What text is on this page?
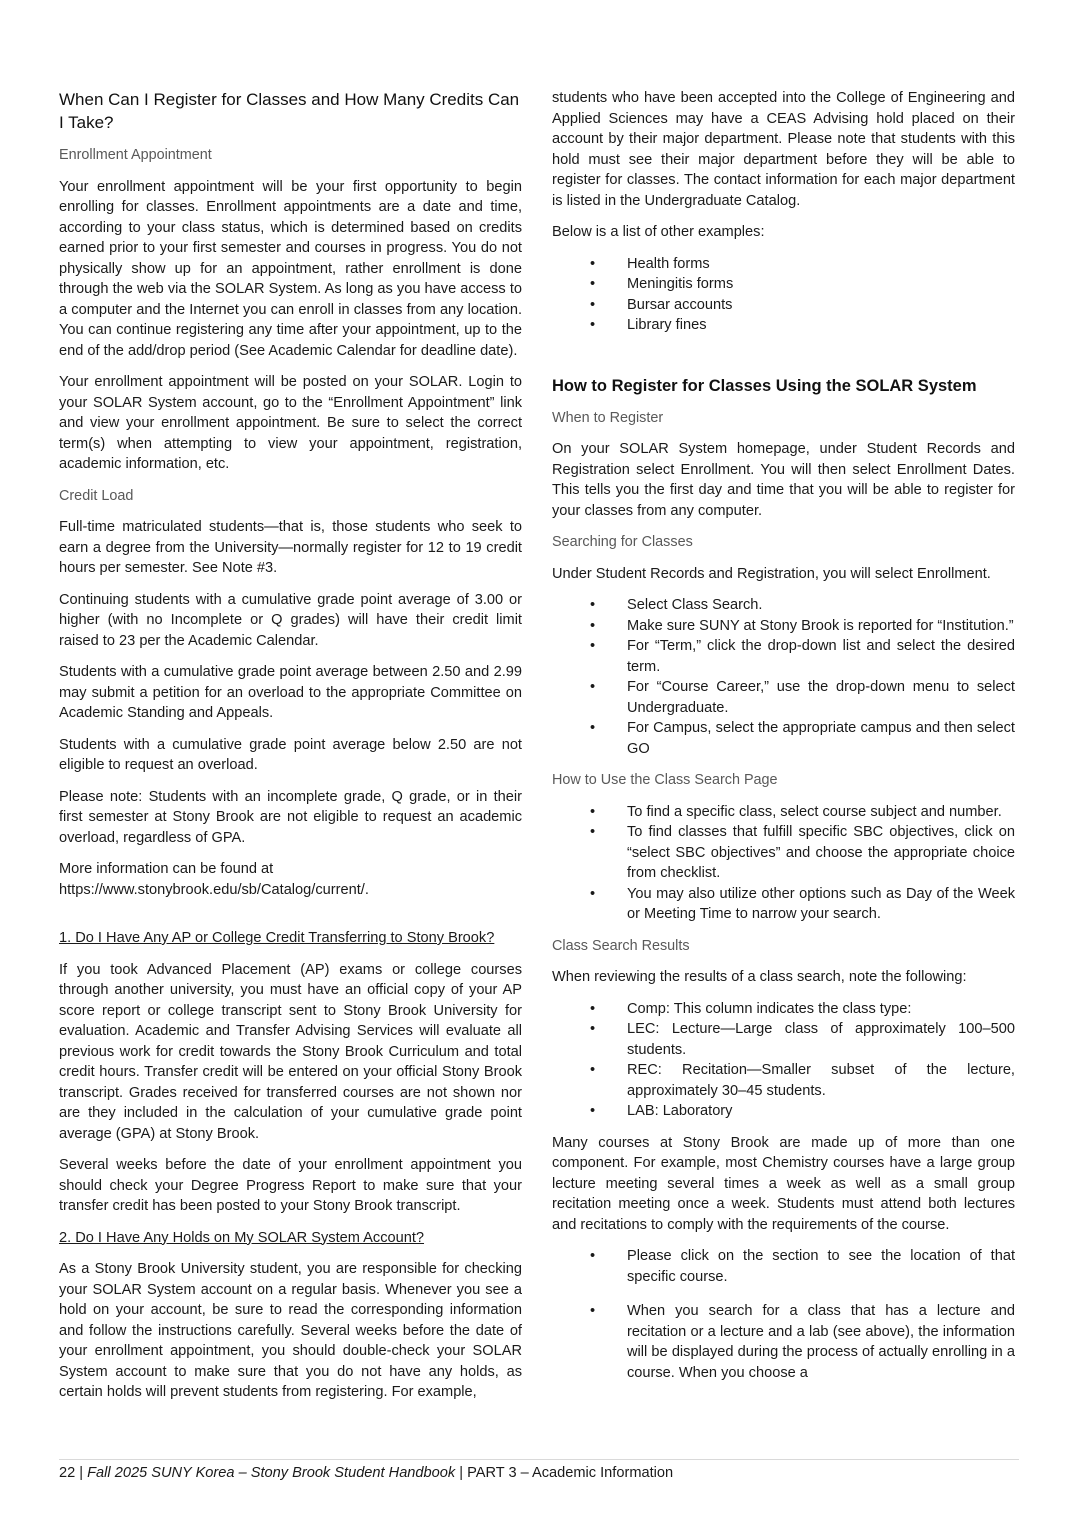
When Can I Register for Classes and How Many Credits Can I Take?
Enrollment Appointment

Your enrollment appointment will be your first opportunity to begin enrolling for classes. Enrollment appointments are a date and time, according to your class status, which is determined based on credits earned prior to your first semester and courses in progress. You do not physically show up for an appointment, rather enrollment is done through the web via the SOLAR System. As long as you have access to a computer and the Internet you can enroll in classes from any location. You can continue registering any time after your appointment, up to the end of the add/drop period (See Academic Calendar for deadline date).

Your enrollment appointment will be posted on your SOLAR. Login to your SOLAR System account, go to the “Enrollment Appointment” link and view your enrollment appointment. Be sure to select the correct term(s) when attempting to view your appointment, registration, academic information, etc.

Credit Load

Full-time matriculated students—that is, those students who seek to earn a degree from the University—normally register for 12 to 19 credit hours per semester. See Note #3.

Continuing students with a cumulative grade point average of 3.00 or higher (with no Incomplete or Q grades) will have their credit limit raised to 23 per the Academic Calendar.

Students with a cumulative grade point average between 2.50 and 2.99 may submit a petition for an overload to the appropriate Committee on Academic Standing and Appeals.

Students with a cumulative grade point average below 2.50 are not eligible to request an overload.

Please note: Students with an incomplete grade, Q grade, or in their first semester at Stony Brook are not eligible to request an academic overload, regardless of GPA.

More information can be found at
https://www.stonybrook.edu/sb/Catalog/current/.

1. Do I Have Any AP or College Credit Transferring to Stony Brook?

If you took Advanced Placement (AP) exams or college courses through another university, you must have an official copy of your AP score report or college transcript sent to Stony Brook University for evaluation. Academic and Transfer Advising Services will evaluate all previous work for credit towards the Stony Brook Curriculum and total credit hours. Transfer credit will be entered on your official Stony Brook transcript. Grades received for transferred courses are not shown nor are they included in the calculation of your cumulative grade point average (GPA) at Stony Brook.

Several weeks before the date of your enrollment appointment you should check your Degree Progress Report to make sure that your transfer credit has been posted to your Stony Brook transcript.

2. Do I Have Any Holds on My SOLAR System Account?

As a Stony Brook University student, you are responsible for checking your SOLAR System account on a regular basis. Whenever you see a hold on your account, be sure to read the corresponding information and follow the instructions carefully. Several weeks before the date of your enrollment appointment, you should double-check your SOLAR System account to make sure that you do not have any holds, as certain holds will prevent students from registering. For example,

students who have been accepted into the College of Engineering and Applied Sciences may have a CEAS Advising hold placed on their account by their major department. Please note that students with this hold must see their major department before they will be able to register for classes. The contact information for each major department is listed in the Undergraduate Catalog.

Below is a list of other examples:

• Health forms
• Meningitis forms
• Bursar accounts
• Library fines
How to Register for Classes Using the SOLAR System
When to Register

On your SOLAR System homepage, under Student Records and Registration select Enrollment. You will then select Enrollment Dates. This tells you the first day and time that you will be able to register for your classes from any computer.

Searching for Classes

Under Student Records and Registration, you will select Enrollment.

• Select Class Search.
• Make sure SUNY at Stony Brook is reported for “Institution.”
• For “Term,” click the drop-down list and select the desired term.
• For “Course Career,” use the drop-down menu to select Undergraduate.
• For Campus, select the appropriate campus and then select GO
How to Use the Class Search Page
• To find a specific class, select course subject and number.
• To find classes that fulfill specific SBC objectives, click on “select SBC objectives” and choose the appropriate choice from checklist.
• You may also utilize other options such as Day of the Week or Meeting Time to narrow your search.
Class Search Results

When reviewing the results of a class search, note the following:

• Comp: This column indicates the class type:
• LEC: Lecture—Large class of approximately 100–500 students.
• REC: Recitation—Smaller subset of the lecture, approximately 30–45 students.
• LAB: Laboratory

Many courses at Stony Brook are made up of more than one component. For example, most Chemistry courses have a large group lecture meeting several times a week as well as a small group recitation meeting once a week. Students must attend both lectures and recitations to comply with the requirements of the course.

• Please click on the section to see the location of that specific course.
• When you search for a class that has a lecture and recitation or a lecture and a lab (see above), the information will be displayed during the process of actually enrolling in a course. When you choose a
22 | Fall 2025 SUNY Korea – Stony Brook Student Handbook | PART 3 – Academic Information
